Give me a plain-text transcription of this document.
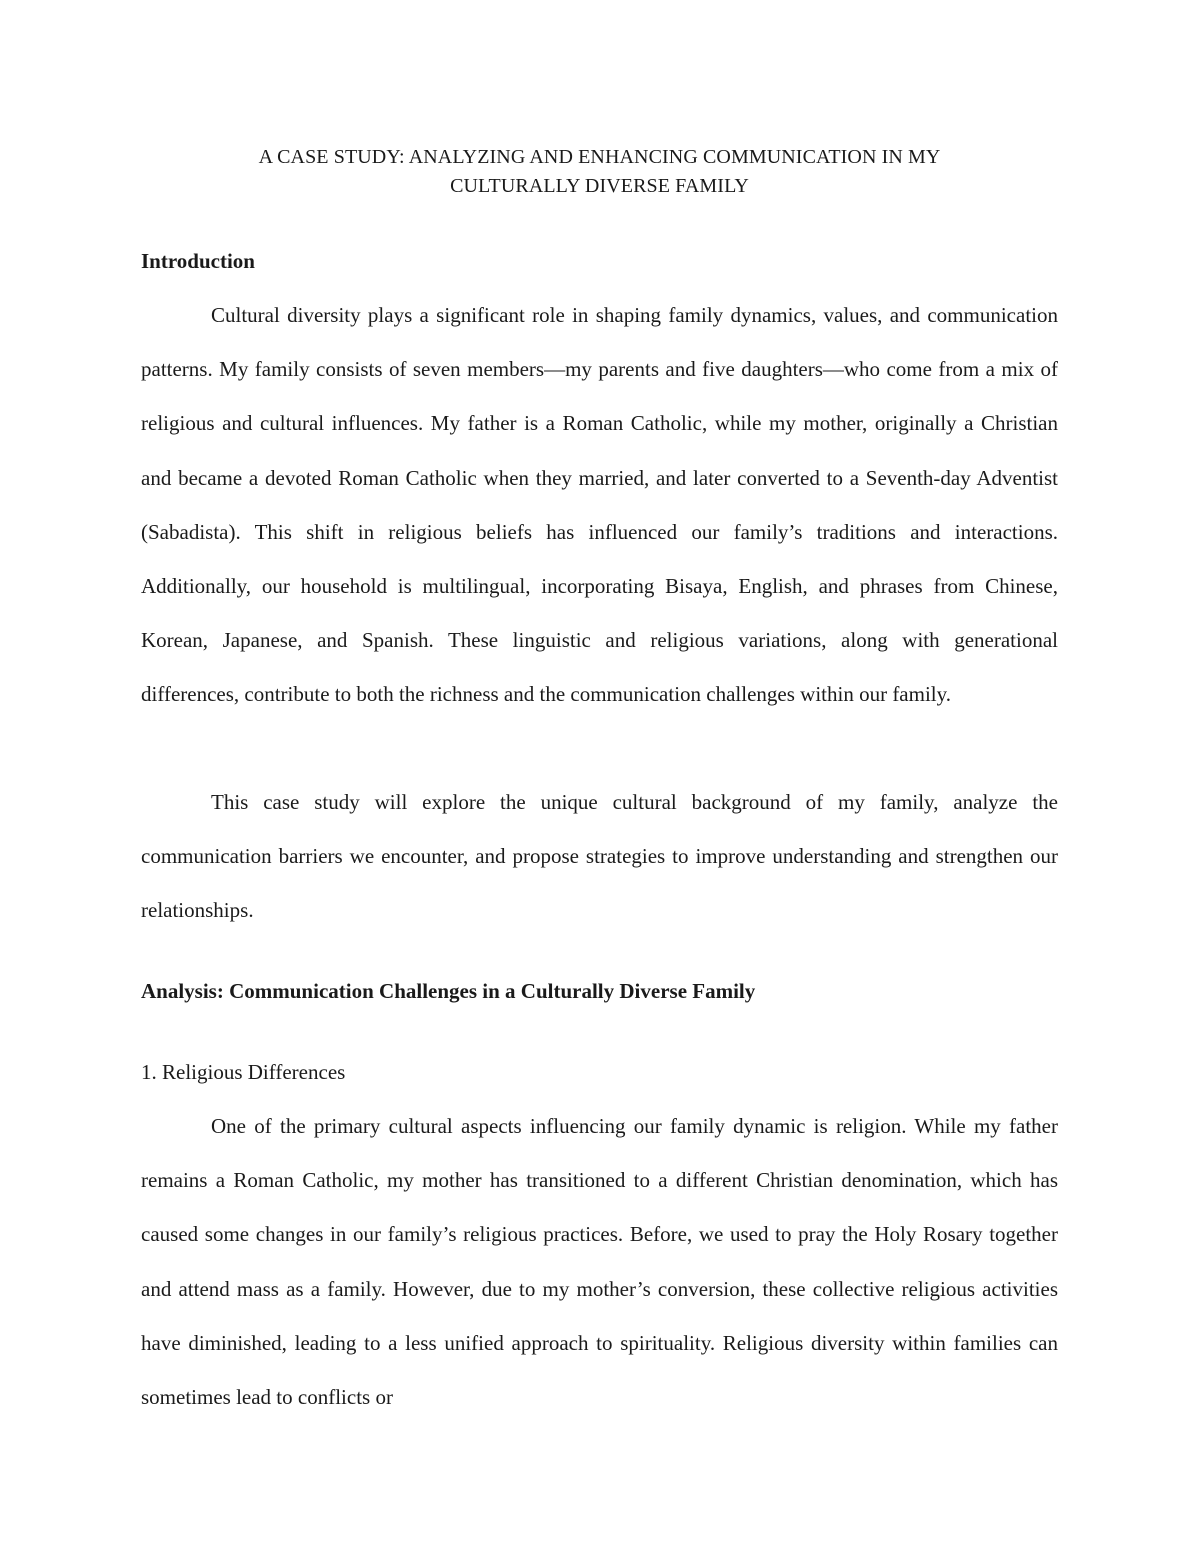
A CASE STUDY: ANALYZING AND ENHANCING COMMUNICATION IN MY
CULTURALLY DIVERSE FAMILY
Introduction

Cultural diversity plays a significant role in shaping family dynamics, values, and communication patterns. My family consists of seven members—my parents and five daughters—who come from a mix of religious and cultural influences. My father is a Roman Catholic, while my mother, originally a Christian and became a devoted Roman Catholic when they married, and later converted to a Seventh-day Adventist (Sabadista). This shift in religious beliefs has influenced our family’s traditions and interactions. Additionally, our household is multilingual, incorporating Bisaya, English, and phrases from Chinese, Korean, Japanese, and Spanish. These linguistic and religious variations, along with generational differences, contribute to both the richness and the communication challenges within our family.

This case study will explore the unique cultural background of my family, analyze the communication barriers we encounter, and propose strategies to improve understanding and strengthen our relationships.

Analysis: Communication Challenges in a Culturally Diverse Family
1. Religious Differences

One of the primary cultural aspects influencing our family dynamic is religion. While my father remains a Roman Catholic, my mother has transitioned to a different Christian denomination, which has caused some changes in our family’s religious practices. Before, we used to pray the Holy Rosary together and attend mass as a family. However, due to my mother’s conversion, these collective religious activities have diminished, leading to a less unified approach to spirituality. Religious diversity within families can sometimes lead to conflicts or
